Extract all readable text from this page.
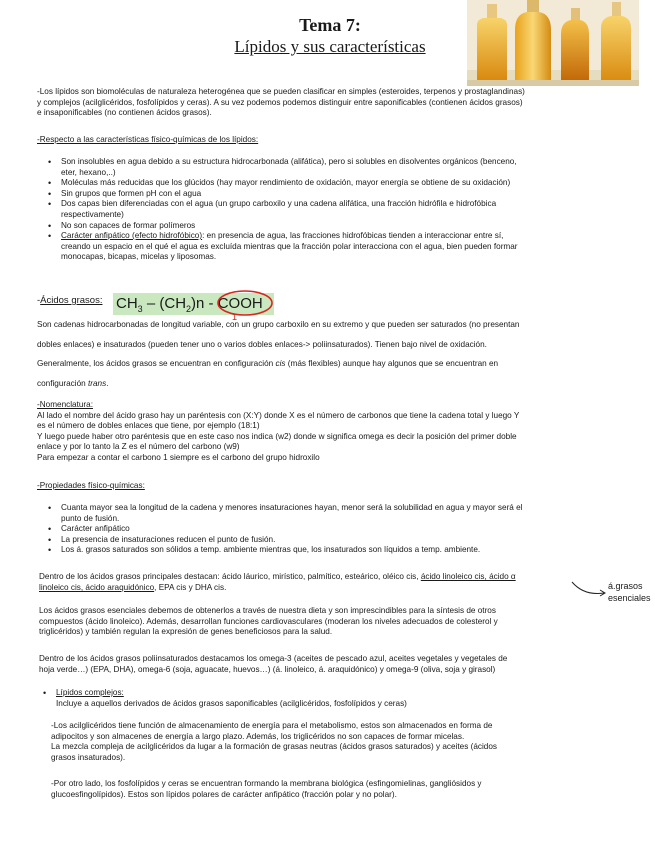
Tema 7:
Lípidos y sus características
-Los lípidos son biomoléculas de naturaleza heterogénea que se pueden clasificar en simples (esteroides, terpenos y prostaglandinas)
y complejos (acilglicéridos, fosfolípidos y ceras). A su vez podemos podemos distinguir entre saponificables (contienen ácidos grasos)
e insaponificables (no contienen ácidos grasos).
-Respecto a las características físico-químicas de los lípidos:
• Son insolubles en agua debido a su estructura hidrocarbonada (alifática), pero si solubles en disolventes orgánicos (benceno,
eter, hexano,..)
• Moléculas más reducidas que los glúcidos (hay mayor rendimiento de oxidación, mayor energía se obtiene de su oxidación)
• Sin grupos que formen pH con el agua
• Dos capas bien diferenciadas con el agua (un grupo carboxilo y una cadena alifática, una fracción hidrófila e hidrofóbica
respectivamente)
• No son capaces de formar polímeros
• Carácter anfipático (efecto hidrofóbico): en presencia de agua, las fracciones hidrofóbicas tienden a interaccionar entre sí,
creando un espacio en el qué el agua es excluída mientras que la fracción polar interacciona con el agua, bien pueden formar
monocapas, bicapas, micelas y liposomas.
-Ácidos grasos: $CH_3 - (CH_2)n$ - COOH
1
Son cadenas hidrocarbonadas de longitud variable, con un grupo carboxilo en su extremo y que pueden ser saturados (no presentan
dobles enlaces) e insaturados (pueden tener uno o varios dobles enlaces-> poliinsaturados). Tienen bajo nivel de oxidación.
Generalmente, los ácidos grasos se encuentran en configuración cis (más flexibles) aunque hay algunos que se encuentran en
configuración trans.
-Nomenclatura:
Al lado el nombre del ácido graso hay un paréntesis con (X:Y) donde X es el número de carbonos que tiene la cadena total y luego Y
es el número de dobles enlaces que tiene, por ejemplo (18:1)
Y luego puede haber otro paréntesis que en este caso nos indica (w2) donde w significa omega es decir la posición del primer doble
enlace y por lo tanto la Z es el número del carbono (w9)
Para empezar a contar el carbono 1 siempre es el carbono del grupo hidroxilo
-Propiedades físico-químicas:
• Cuanta mayor sea la longitud de la cadena y menores insaturaciones hayan, menor será la solubilidad en agua y mayor será el
punto de fusión.
• Carácter anfipático
• La presencia de insaturaciones reducen el punto de fusión.
• Los á. grasos saturados son sólidos a temp. ambiente mientras que, los insaturados son líquidos a temp. ambiente.
Dentro de los ácidos grasos principales destacan: ácido láurico, mirístico, palmítico, esteárico, oléico cis, ácido linoleico cis, ácido α
linoleico cis, ácido araquidónico, EPA cis y DHA cis.	á.grasos
esenciales
Los ácidos grasos esenciales debemos de obtenerlos a través de nuestra dieta y son imprescindibles para la síntesis de otros
compuestos (ácido linoleico). Además, desarrollan funciones cardiovasculares (moderan los niveles adecuados de colesterol y
triglicéridos) y también regulan la expresión de genes beneficiosos para la salud.
Dentro de los ácidos grasos poliinsaturados destacamos los omega-3 (aceites de pescado azul, aceites vegetales y vegetales de
hoja verde…) (EPA, DHA), omega-6 (soja, aguacate, huevos…) (á. linoleico, á. araquidónico) y omega-9 (oliva, soja y girasol)
• Lípidos complejos:
Incluye a aquellos derivados de ácidos grasos saponificables (acilglicéridos, fosfolípidos y ceras)
-Los acilglicéridos tiene función de almacenamiento de energía para el metabolismo, estos son almacenados en forma de
adipocitos y son almacenes de energía a largo plazo. Además, los triglicéridos no son capaces de formar micelas.
La mezcla compleja de acilglicéridos da lugar a la formación de grasas neutras (ácidos grasos saturados) y aceites (ácidos
grasos insaturados).
-Por otro lado, los fosfolípidos y ceras se encuentran formando la membrana biológica (esfingomielinas, gangliósidos y
glucoesfingolípidos). Estos son lípidos polares de carácter anfipático (fracción polar y no polar).
